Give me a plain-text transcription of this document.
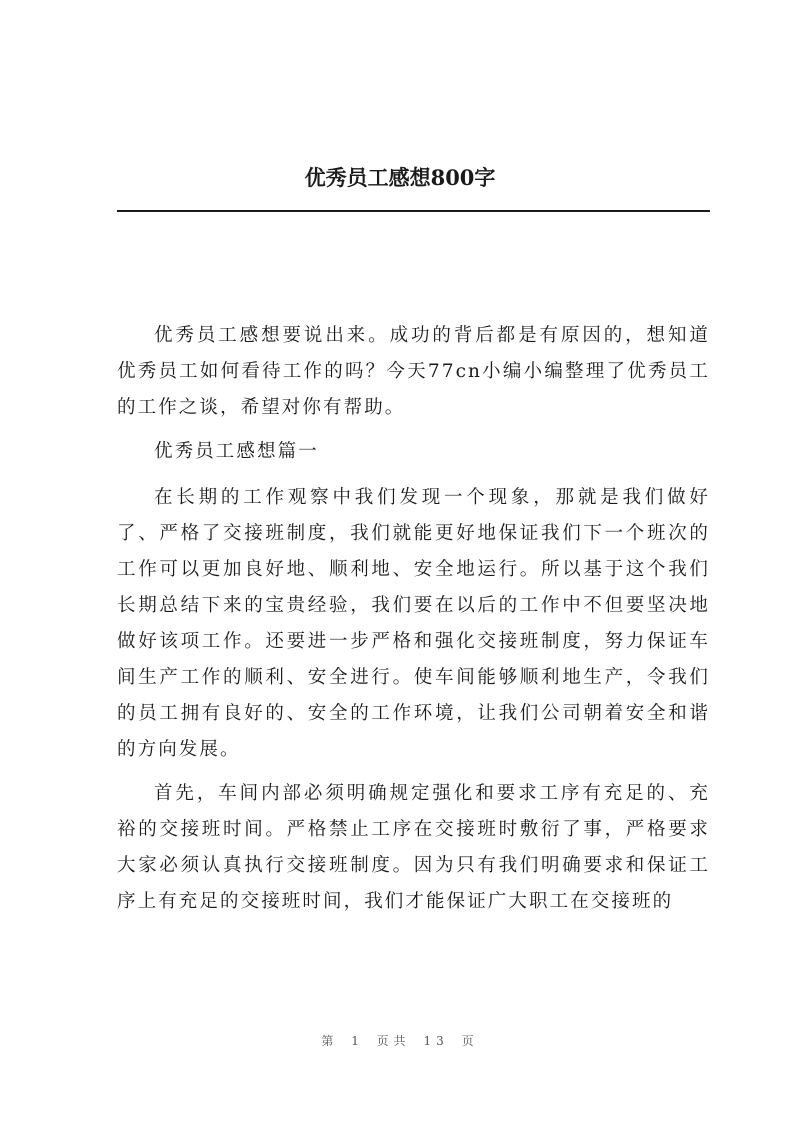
优秀员工感想800字

优秀员工感想要说出来。成功的背后都是有原因的，想知道优秀员工如何看待工作的吗？今天77cn小编小编整理了优秀员工的工作之谈，希望对你有帮助。

优秀员工感想篇一

在长期的工作观察中我们发现一个现象，那就是我们做好了、严格了交接班制度，我们就能更好地保证我们下一个班次的工作可以更加良好地、顺利地、安全地运行。所以基于这个我们长期总结下来的宝贵经验，我们要在以后的工作中不但要坚决地做好该项工作。还要进一步严格和强化交接班制度，努力保证车间生产工作的顺利、安全进行。使车间能够顺利地生产，令我们的员工拥有良好的、安全的工作环境，让我们公司朝着安全和谐的方向发展。

首先，车间内部必须明确规定强化和要求工序有充足的、充裕的交接班时间。严格禁止工序在交接班时敷衍了事，严格要求大家必须认真执行交接班制度。因为只有我们明确要求和保证工序上有充足的交接班时间，我们才能保证广大职工在交接班的

第 1 页共 13 页
